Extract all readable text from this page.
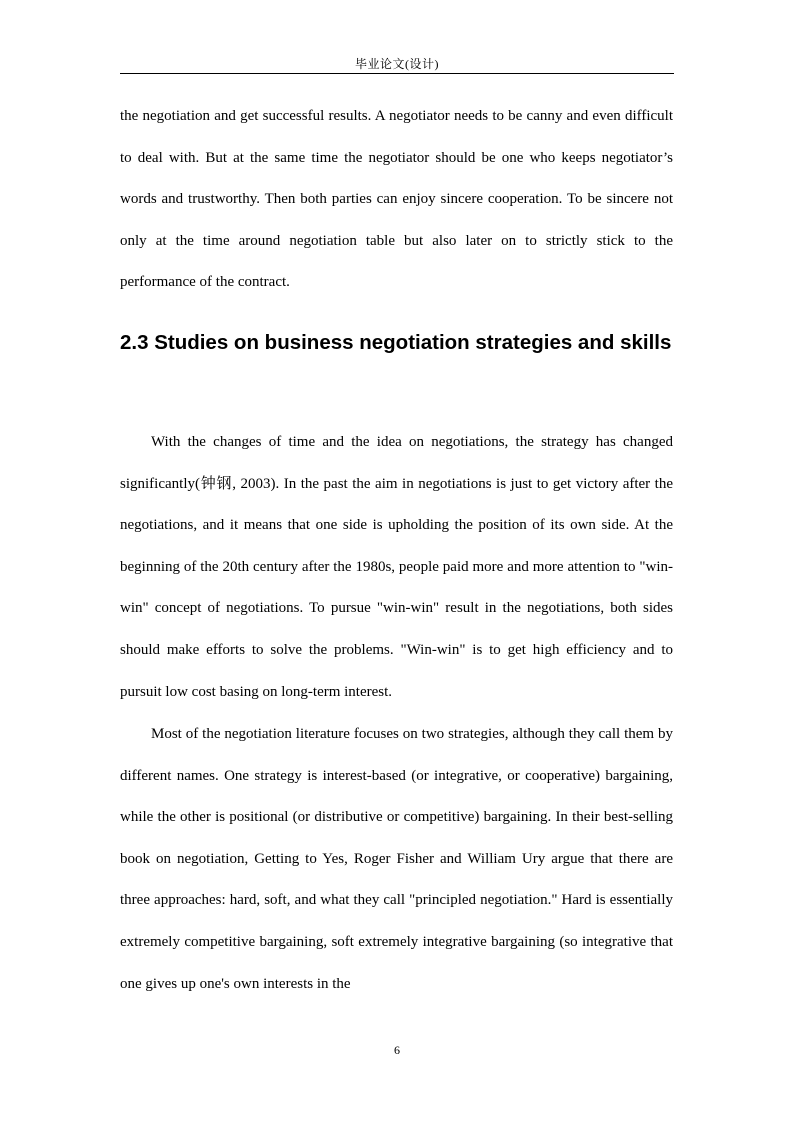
毕业论文(设计)

the negotiation and get successful results. A negotiator needs to be canny and even difficult to deal with. But at the same time the negotiator should be one who keeps negotiator’s words and trustworthy. Then both parties can enjoy sincere cooperation. To be sincere not only at the time around negotiation table but also later on to strictly stick to the performance of the contract.

2.3 Studies on business negotiation strategies and skills

With the changes of time and the idea on negotiations, the strategy has changed significantly(钟钢, 2003). In the past the aim in negotiations is just to get victory after the negotiations, and it means that one side is upholding the position of its own side. At the beginning of the 20th century after the 1980s, people paid more and more attention to "win-win" concept of negotiations. To pursue "win-win" result in the negotiations, both sides should make efforts to solve the problems. "Win-win" is to get high efficiency and to pursuit low cost basing on long-term interest.

Most of the negotiation literature focuses on two strategies, although they call them by different names. One strategy is interest-based (or integrative, or cooperative) bargaining, while the other is positional (or distributive or competitive) bargaining. In their best-selling book on negotiation, Getting to Yes, Roger Fisher and William Ury argue that there are three approaches: hard, soft, and what they call "principled negotiation." Hard is essentially extremely competitive bargaining, soft extremely integrative bargaining (so integrative that one gives up one's own interests in the

6
